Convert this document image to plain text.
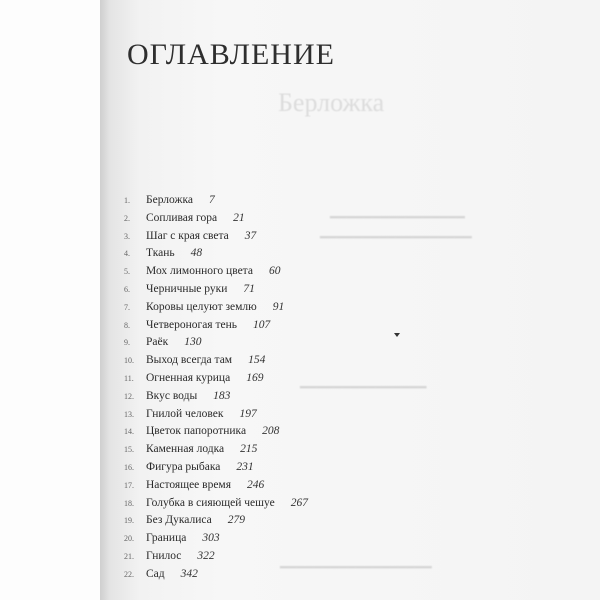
Берложка
━━━━━━━━━━━━━━━━
━━━━━━━━━━━━━━━━━━
━━━━━━━━━━━━━━━
━━━━━━━━━━━━━━━━━━
ОГЛАВЛЕНИЕ
1. Берложка 7
2. Сопливая гора 21
3. Шаг с края света 37
4. Ткань 48
5. Мох лимонного цвета 60
6. Черничные руки 71
7. Коровы целуют землю 91
8. Четвероногая тень 107
9. Раёк 130
10. Выход всегда там 154
11. Огненная курица 169
12. Вкус воды 183
13. Гнилой человек 197
14. Цветок папоротника 208
15. Каменная лодка 215
16. Фигура рыбака 231
17. Настоящее время 246
18. Голубка в сияющей чешуе 267
19. Без Дукалиса 279
20. Граница 303
21. Гнилос 322
22. Сад 342
